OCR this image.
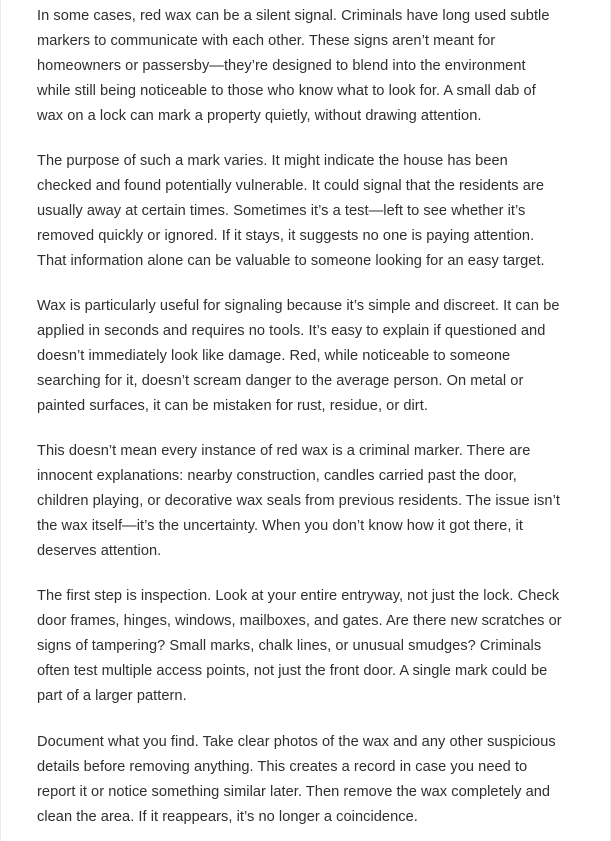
In some cases, red wax can be a silent signal. Criminals have long used subtle
markers to communicate with each other. These signs aren’t meant for
homeowners or passersby—they’re designed to blend into the environment
while still being noticeable to those who know what to look for. A small dab of
wax on a lock can mark a property quietly, without drawing attention.

The purpose of such a mark varies. It might indicate the house has been
checked and found potentially vulnerable. It could signal that the residents are
usually away at certain times. Sometimes it’s a test—left to see whether it’s
removed quickly or ignored. If it stays, it suggests no one is paying attention.
That information alone can be valuable to someone looking for an easy target.

Wax is particularly useful for signaling because it’s simple and discreet. It can be
applied in seconds and requires no tools. It’s easy to explain if questioned and
doesn’t immediately look like damage. Red, while noticeable to someone
searching for it, doesn’t scream danger to the average person. On metal or
painted surfaces, it can be mistaken for rust, residue, or dirt.

This doesn’t mean every instance of red wax is a criminal marker. There are
innocent explanations: nearby construction, candles carried past the door,
children playing, or decorative wax seals from previous residents. The issue isn’t
the wax itself—it’s the uncertainty. When you don’t know how it got there, it
deserves attention.

The first step is inspection. Look at your entire entryway, not just the lock. Check
door frames, hinges, windows, mailboxes, and gates. Are there new scratches or
signs of tampering? Small marks, chalk lines, or unusual smudges? Criminals
often test multiple access points, not just the front door. A single mark could be
part of a larger pattern.

Document what you find. Take clear photos of the wax and any other suspicious
details before removing anything. This creates a record in case you need to
report it or notice something similar later. Then remove the wax completely and
clean the area. If it reappears, it’s no longer a coincidence.
